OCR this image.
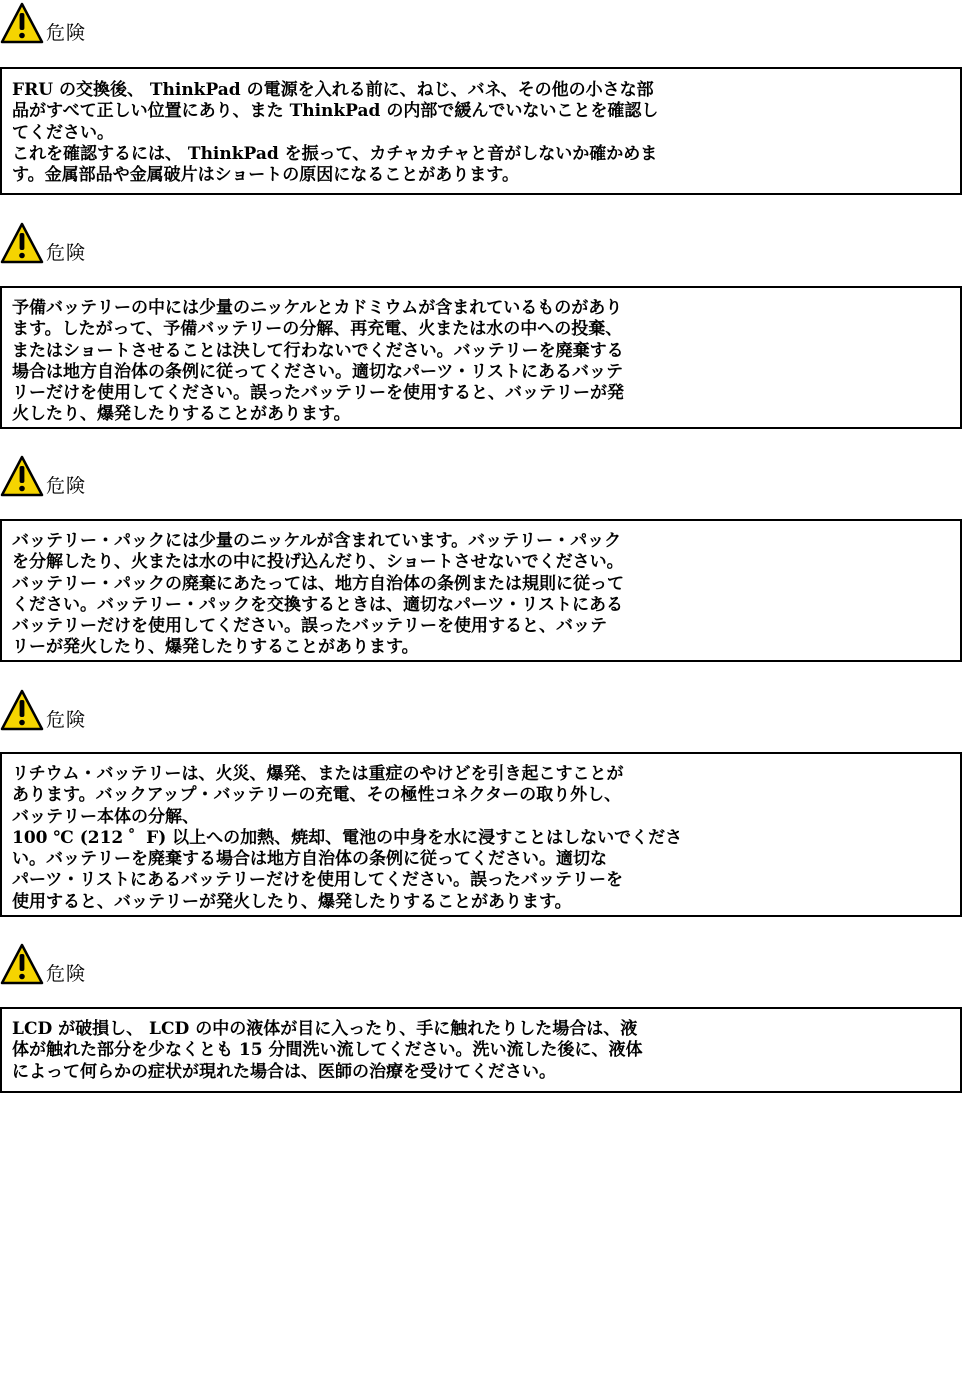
危険
FRU の交換後、 ThinkPad の電源を入れる前に、ねじ、バネ、その他の小さな部
品がすべて正しい位置にあり、また ThinkPad の内部で緩んでいないことを確認し
てください。
これを確認するには、 ThinkPad を振って、カチャカチャと音がしないか確かめま
す。金属部品や金属破片はショートの原因になることがあります。
危険
予備バッテリーの中には少量のニッケルとカドミウムが含まれているものがあり
ます。したがって、予備バッテリーの分解、再充電、火または水の中への投棄、
またはショートさせることは決して行わないでください。バッテリーを廃棄する
場合は地方自治体の条例に従ってください。適切なパーツ・リストにあるバッテ
リーだけを使用してください。誤ったバッテリーを使用すると、バッテリーが発
火したり、爆発したりすることがあります。
危険
バッテリー・パックには少量のニッケルが含まれています。バッテリー・パック
を分解したり、火または水の中に投げ込んだり、ショートさせないでください。
バッテリー・パックの廃棄にあたっては、地方自治体の条例または規則に従って
ください。バッテリー・パックを交換するときは、適切なパーツ・リストにある
バッテリーだけを使用してください。誤ったバッテリーを使用すると、バッテ
リーが発火したり、爆発したりすることがあります。
危険
リチウム・バッテリーは、火災、爆発、または重症のやけどを引き起こすことが
あります。バックアップ・バッテリーの充電、その極性コネクターの取り外し、
バッテリー本体の分解、
100 ℃ (212 ゜F) 以上への加熱、焼却、電池の中身を水に浸すことはしないでくださ
い。バッテリーを廃棄する場合は地方自治体の条例に従ってください。適切な
パーツ・リストにあるバッテリーだけを使用してください。誤ったバッテリーを
使用すると、バッテリーが発火したり、爆発したりすることがあります。
危険
LCD が破損し、 LCD の中の液体が目に入ったり、手に触れたりした場合は、液
体が触れた部分を少なくとも 15 分間洗い流してください。洗い流した後に、液体
によって何らかの症状が現れた場合は、医師の治療を受けてください。
